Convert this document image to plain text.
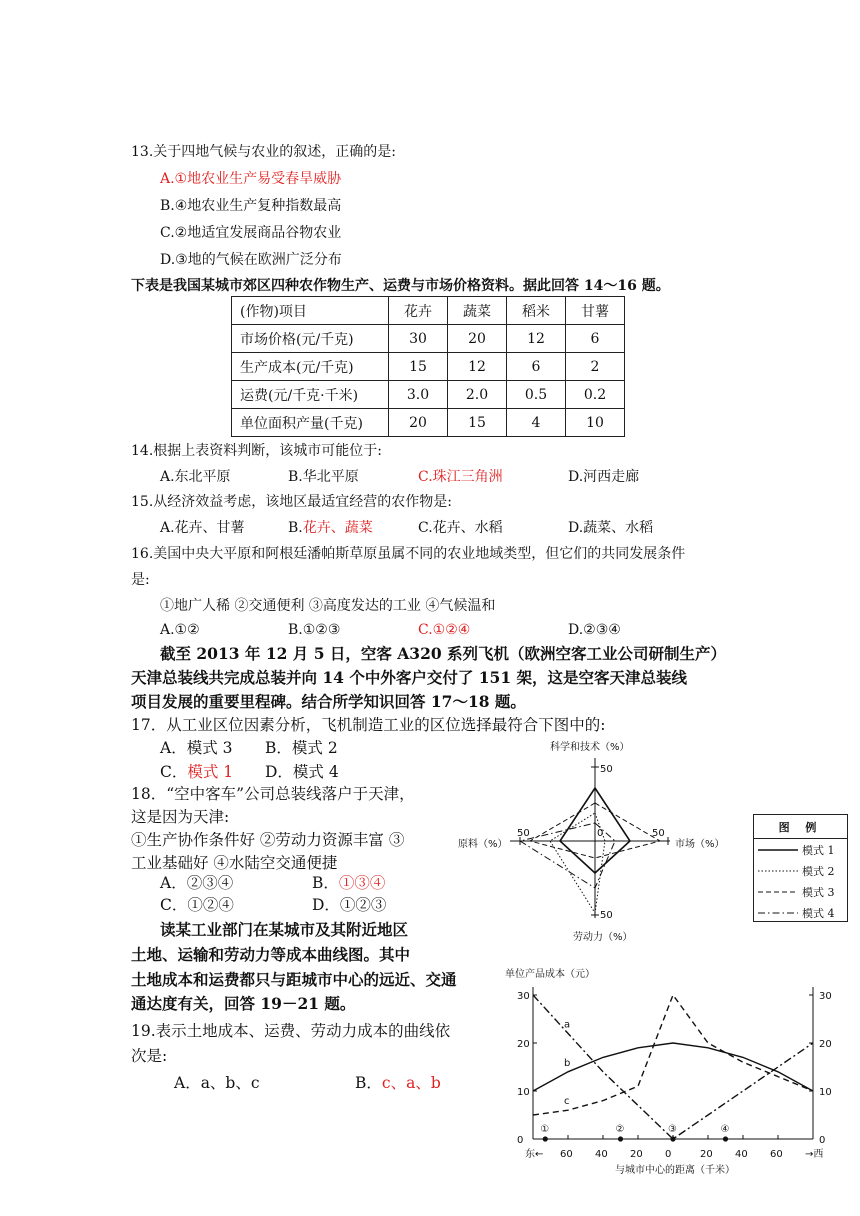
13.关于四地气候与农业的叙述，正确的是:
A.①地农业生产易受春旱威胁
B.④地农业生产复种指数最高
C.②地适宜发展商品谷物农业
D.③地的气候在欧洲广泛分布
下表是我国某城市郊区四种农作物生产、运费与市场价格资料。据此回答 14～16 题。
(作物)项目	花卉	蔬菜	稻米	甘薯
市场价格(元/千克)	30	20	12	6
生产成本(元/千克)	15	12	6	2
运费(元/千克·千米)	3.0	2.0	0.5	0.2
单位面积产量(千克)	20	15	4	10
14.根据上表资料判断，该城市可能位于:
A.东北平原	B.华北平原	C.珠江三角洲	D.河西走廊
15.从经济效益考虑，该地区最适宜经营的农作物是:
A.花卉、甘薯	B.花卉、蔬菜	C.花卉、水稻	D.蔬菜、水稻
16.美国中央大平原和阿根廷潘帕斯草原虽属不同的农业地域类型，但它们的共同发展条件
是:
①地广人稀 ②交通便利 ③高度发达的工业 ④气候温和
A.①②	B.①②③	C.①②④	D.②③④
截至 2013 年 12 月 5 日，空客 A320 系列飞机（欧洲空客工业公司研制生产）
天津总装线共完成总装并向 14 个中外客户交付了 151 架，这是空客天津总装线
项目发展的重要里程碑。结合所学知识回答 17～18 题。
17．从工业区位因素分析，飞机制造工业的区位选择最符合下图中的:
A．模式 3 B．模式 2
C．模式 1 D．模式 4
18．“空中客车”公司总装线落户于天津，
这是因为天津:
①生产协作条件好 ②劳动力资源丰富 ③
工业基础好 ④水陆空交通便捷
A．②③④	B．①③④
C．①②④	D．①②③
读某工业部门在某城市及其附近地区
土地、运输和劳动力等成本曲线图。其中
土地成本和运费都只与距城市中心的远近、交通
通达度有关，回答 19－21 题。
19.表示土地成本、运费、劳动力成本的曲线依
次是:
A．a、b、c	B．c、a、b
科学和技术（%）
原料（%）	市场（%）
劳动力（%）
50
50	50
50
0	图 例
模式 1
模式 2
模式 3
模式 4
单位产品成本（元）
0	0
10	10
20	20
30	30
东← 60 40 20 0	20 40 60 →西
与城市中心的距离（千米）
①	②	③	④
a
b
c
